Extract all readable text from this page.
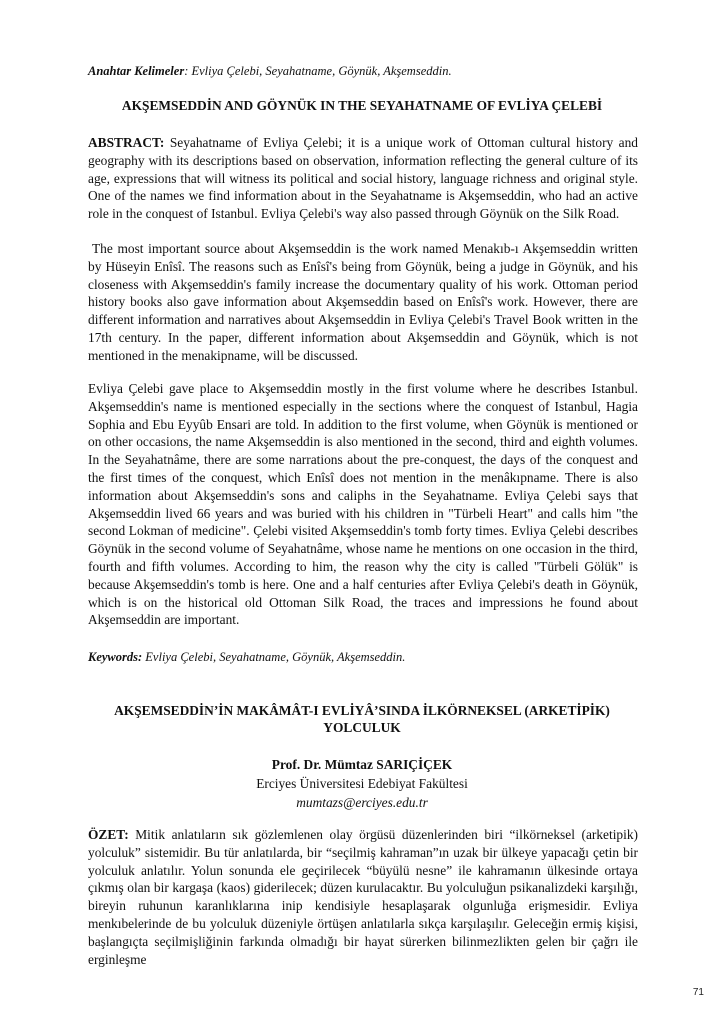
Anahtar Kelimeler: Evliya Çelebi, Seyahatname, Göynük, Akşemseddin.
AKŞEMSEDDİN AND GÖYNÜK IN THE SEYAHATNAME OF EVLİYA ÇELEBİ
ABSTRACT: Seyahatname of Evliya Çelebi; it is a unique work of Ottoman cultural history and geography with its descriptions based on observation, information reflecting the general culture of its age, expressions that will witness its political and social history, language richness and original style. One of the names we find information about in the Seyahatname is Akşemseddin, who had an active role in the conquest of Istanbul. Evliya Çelebi's way also passed through Göynük on the Silk Road.
The most important source about Akşemseddin is the work named Menakıb-ı Akşemseddin written by Hüseyin Enîsî. The reasons such as Enîsî's being from Göynük, being a judge in Göynük, and his closeness with Akşemseddin's family increase the documentary quality of his work. Ottoman period history books also gave information about Akşemseddin based on Enîsî's work. However, there are different information and narratives about Akşemseddin in Evliya Çelebi's Travel Book written in the 17th century. In the paper, different information about Akşemseddin and Göynük, which is not mentioned in the menakipname, will be discussed.
Evliya Çelebi gave place to Akşemseddin mostly in the first volume where he describes Istanbul. Akşemseddin's name is mentioned especially in the sections where the conquest of Istanbul, Hagia Sophia and Ebu Eyyûb Ensari are told. In addition to the first volume, when Göynük is mentioned or on other occasions, the name Akşemseddin is also mentioned in the second, third and eighth volumes. In the Seyahatnâme, there are some narrations about the pre-conquest, the days of the conquest and the first times of the conquest, which Enîsî does not mention in the menâkıpname. There is also information about Akşemseddin's sons and caliphs in the Seyahatname. Evliya Çelebi says that Akşemseddin lived 66 years and was buried with his children in "Türbeli Heart" and calls him "the second Lokman of medicine". Çelebi visited Akşemseddin's tomb forty times. Evliya Çelebi describes Göynük in the second volume of Seyahatnâme, whose name he mentions on one occasion in the third, fourth and fifth volumes. According to him, the reason why the city is called "Türbeli Gölük" is because Akşemseddin's tomb is here. One and a half centuries after Evliya Çelebi's death in Göynük, which is on the historical old Ottoman Silk Road, the traces and impressions he found about Akşemseddin are important.
Keywords: Evliya Çelebi, Seyahatname, Göynük, Akşemseddin.
AKŞEMSEDDİN’İN MAKÂMÂT-I EVLİYÂ’SINDA İLKÖRNEKSEL (ARKETİPİK)
YOLCULUK
Prof. Dr. Mümtaz SARIÇİÇEK
Erciyes Üniversitesi Edebiyat Fakültesi
mumtazs@erciyes.edu.tr
ÖZET: Mitik anlatıların sık gözlemlenen olay örgüsü düzenlerinden biri “ilkörneksel (arketipik) yolculuk” sistemidir. Bu tür anlatılarda, bir “seçilmiş kahraman”ın uzak bir ülkeye yapacağı çetin bir yolculuk anlatılır. Yolun sonunda ele geçirilecek “büyülü nesne” ile kahramanın ülkesinde ortaya çıkmış olan bir kargaşa (kaos) giderilecek; düzen kurulacaktır. Bu yolculuğun psikanalizdeki karşılığı, bireyin ruhunun karanlıklarına inip kendisiyle hesaplaşarak olgunluğa erişmesidir. Evliya menkıbelerinde de bu yolculuk düzeniyle örtüşen anlatılarla sıkça karşılaşılır. Geleceğin ermiş kişisi, başlangıçta seçilmişliğinin farkında olmadığı bir hayat sürerken bilinmezlikten gelen bir çağrı ile erginleşme
71
